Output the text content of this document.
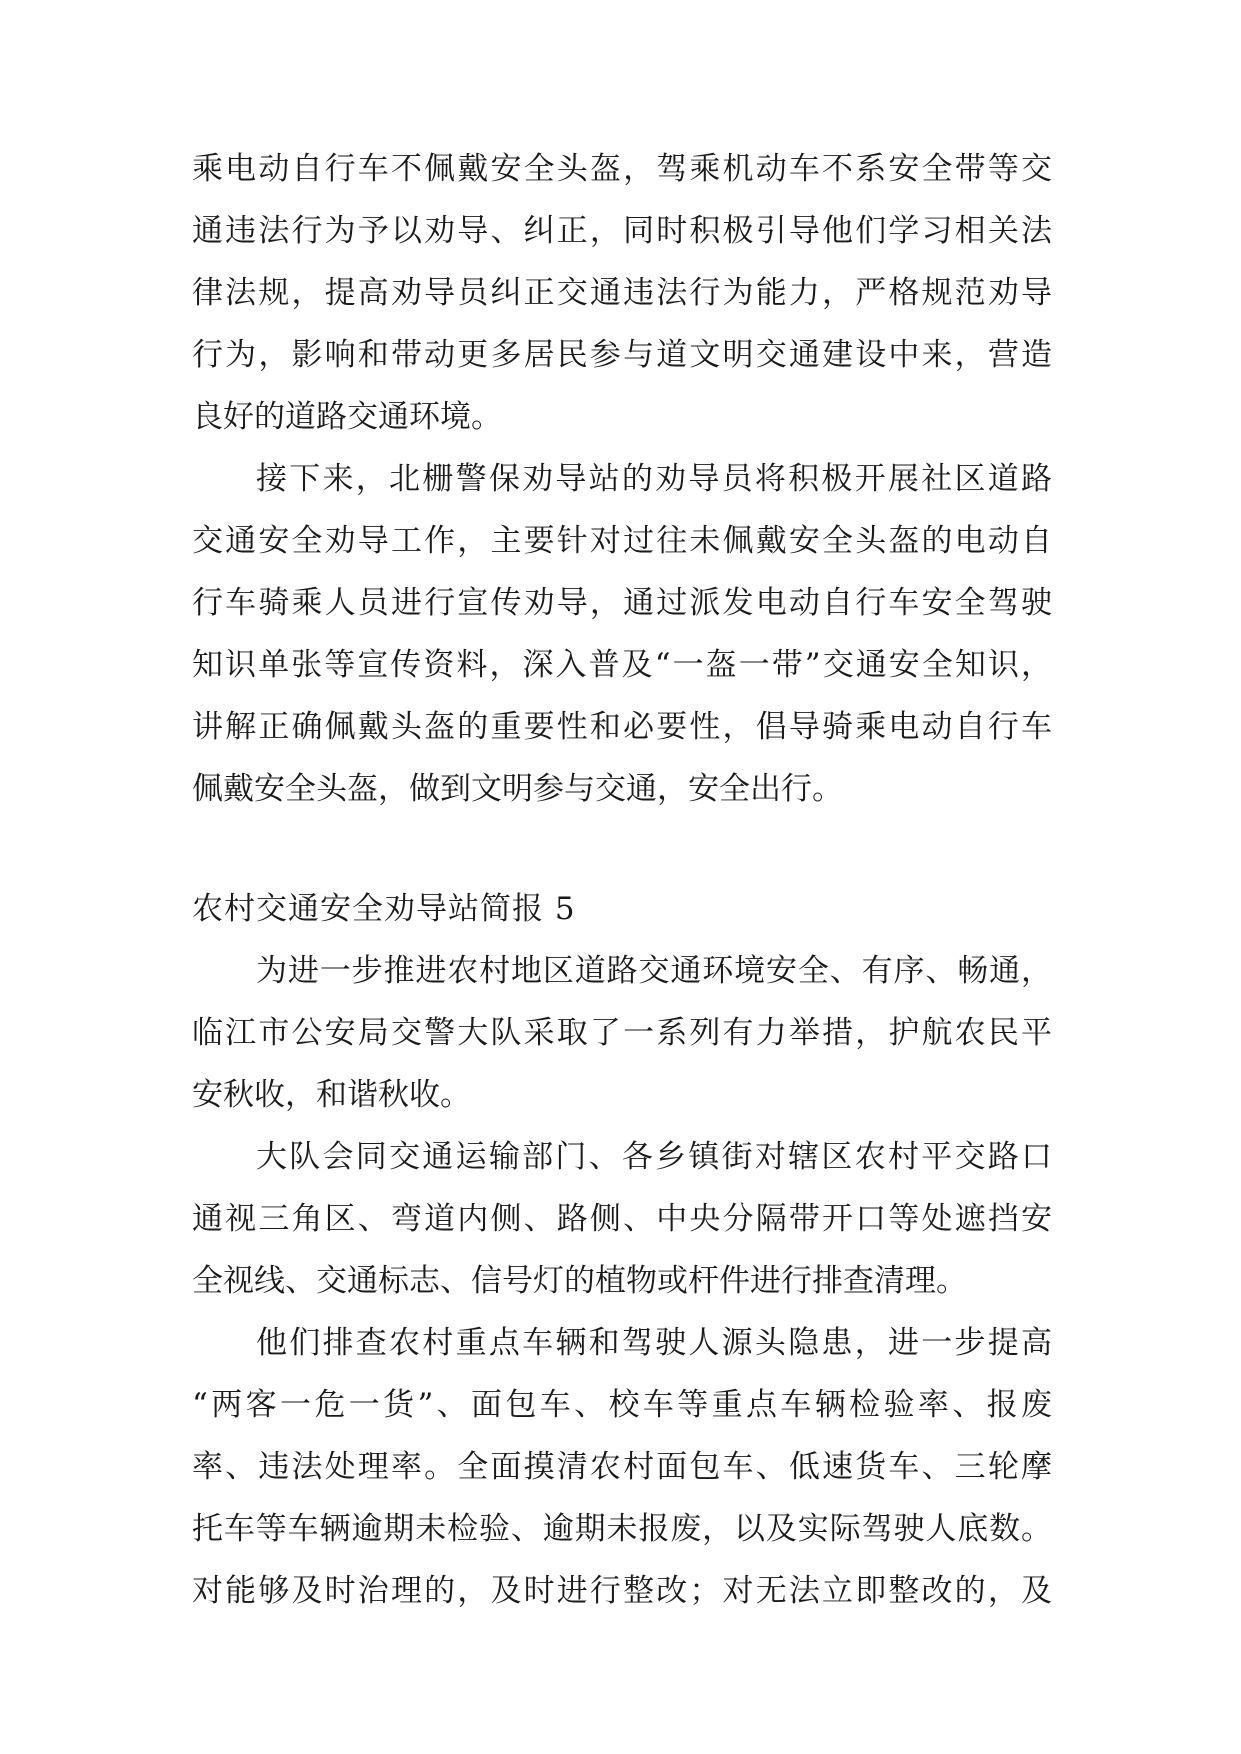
乘电动自行车不佩戴安全头盔，驾乘机动车不系安全带等交
通违法行为予以劝导、纠正，同时积极引导他们学习相关法
律法规，提高劝导员纠正交通违法行为能力，严格规范劝导
行为，影响和带动更多居民参与道文明交通建设中来，营造
良好的道路交通环境。
接下来，北栅警保劝导站的劝导员将积极开展社区道路
交通安全劝导工作，主要针对过往未佩戴安全头盔的电动自
行车骑乘人员进行宣传劝导，通过派发电动自行车安全驾驶
知识单张等宣传资料，深入普及“一盔一带”交通安全知识，
讲解正确佩戴头盔的重要性和必要性，倡导骑乘电动自行车
佩戴安全头盔，做到文明参与交通，安全出行。
农村交通安全劝导站简报 5
为进一步推进农村地区道路交通环境安全、有序、畅通，
临江市公安局交警大队采取了一系列有力举措，护航农民平
安秋收，和谐秋收。
大队会同交通运输部门、各乡镇街对辖区农村平交路口
通视三角区、弯道内侧、路侧、中央分隔带开口等处遮挡安
全视线、交通标志、信号灯的植物或杆件进行排查清理。
他们排查农村重点车辆和驾驶人源头隐患，进一步提高
“两客一危一货”、面包车、校车等重点车辆检验率、报废
率、违法处理率。全面摸清农村面包车、低速货车、三轮摩
托车等车辆逾期未检验、逾期未报废，以及实际驾驶人底数。
对能够及时治理的，及时进行整改；对无法立即整改的，及
